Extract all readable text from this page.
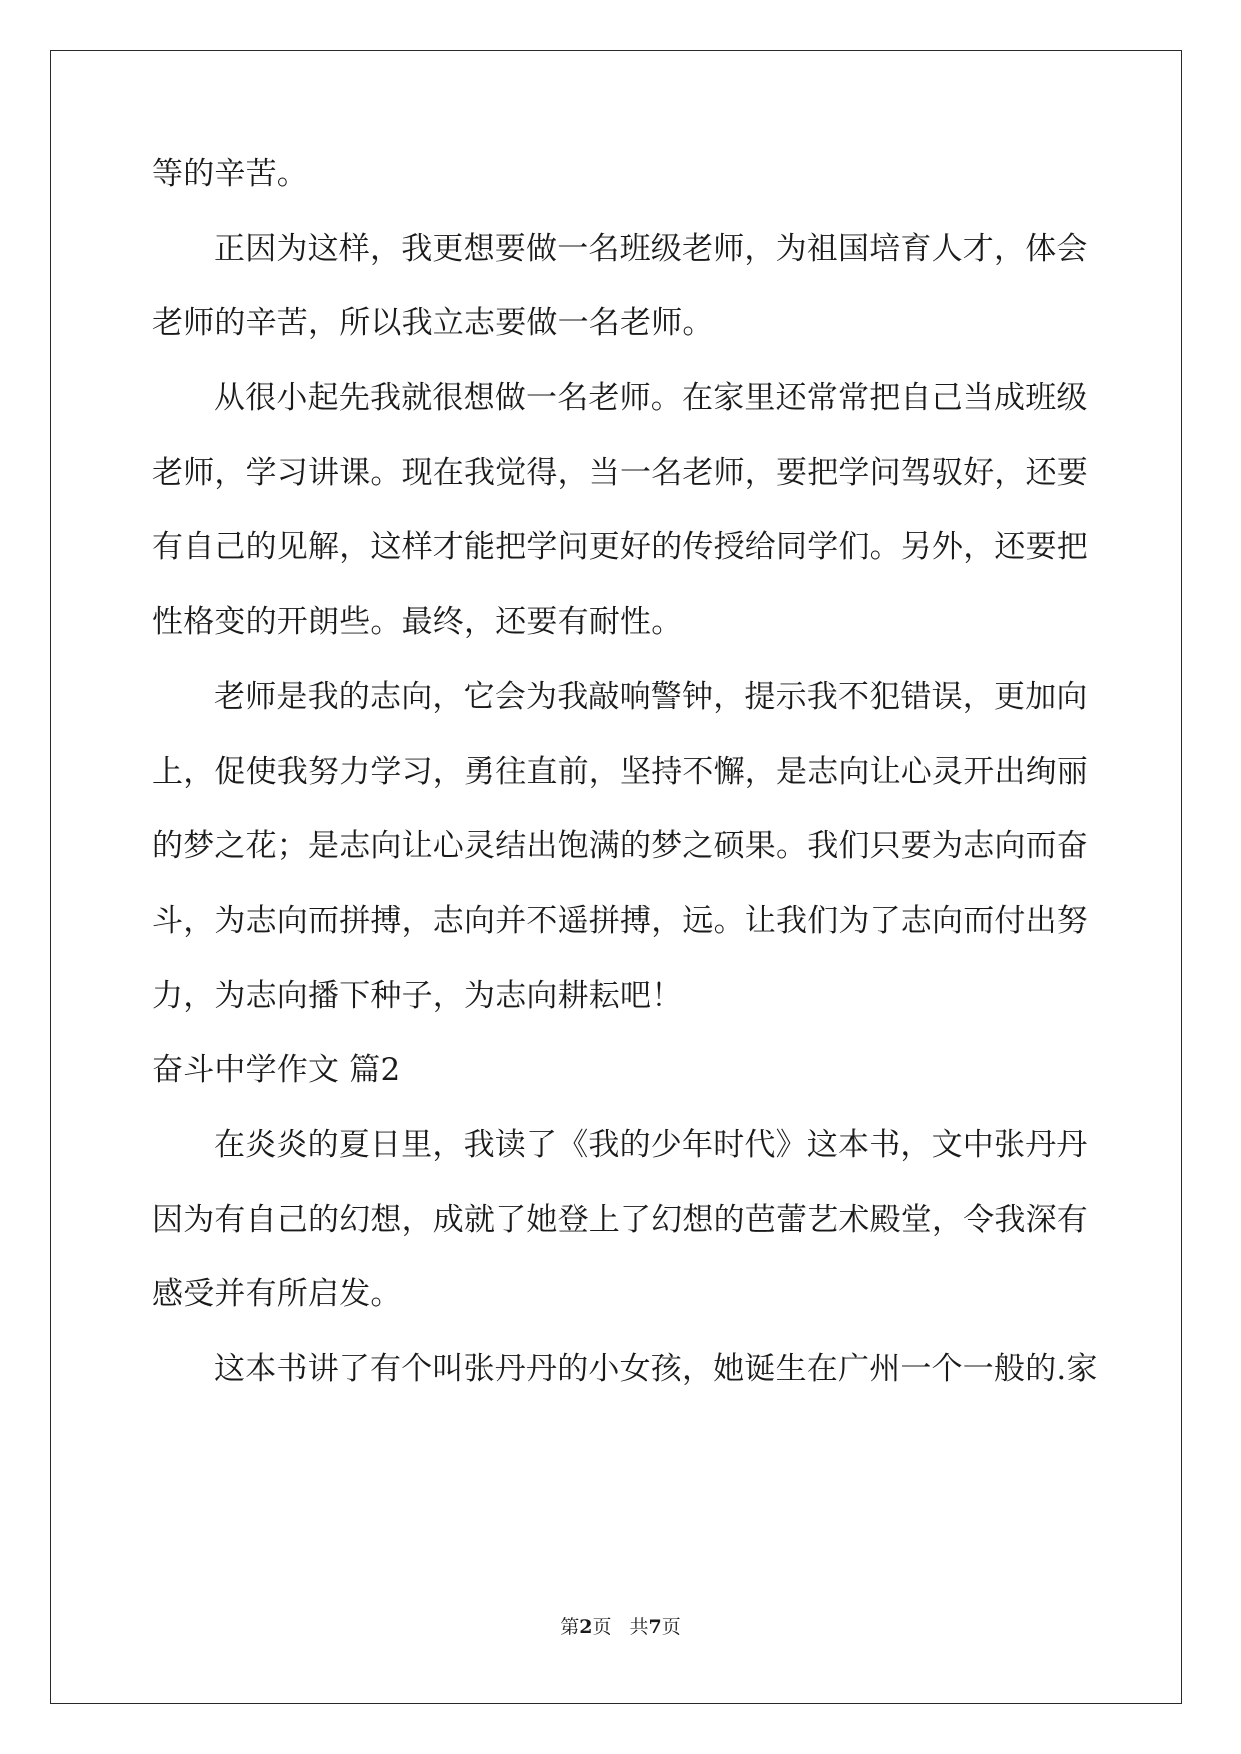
等的辛苦。
正因为这样，我更想要做一名班级老师，为祖国培育人才，体会
老师的辛苦，所以我立志要做一名老师。
从很小起先我就很想做一名老师。在家里还常常把自己当成班级
老师，学习讲课。现在我觉得，当一名老师，要把学问驾驭好，还要
有自己的见解，这样才能把学问更好的传授给同学们。另外，还要把
性格变的开朗些。最终，还要有耐性。
老师是我的志向，它会为我敲响警钟，提示我不犯错误，更加向
上，促使我努力学习，勇往直前，坚持不懈，是志向让心灵开出绚丽
的梦之花；是志向让心灵结出饱满的梦之硕果。我们只要为志向而奋
斗，为志向而拼搏，志向并不遥拼搏，远。让我们为了志向而付出努
力，为志向播下种子，为志向耕耘吧！
奋斗中学作文 篇2
在炎炎的夏日里，我读了《我的少年时代》这本书，文中张丹丹
因为有自己的幻想，成就了她登上了幻想的芭蕾艺术殿堂，令我深有
感受并有所启发。
这本书讲了有个叫张丹丹的小女孩，她诞生在广州一个一般的.家
第2页 共7页
